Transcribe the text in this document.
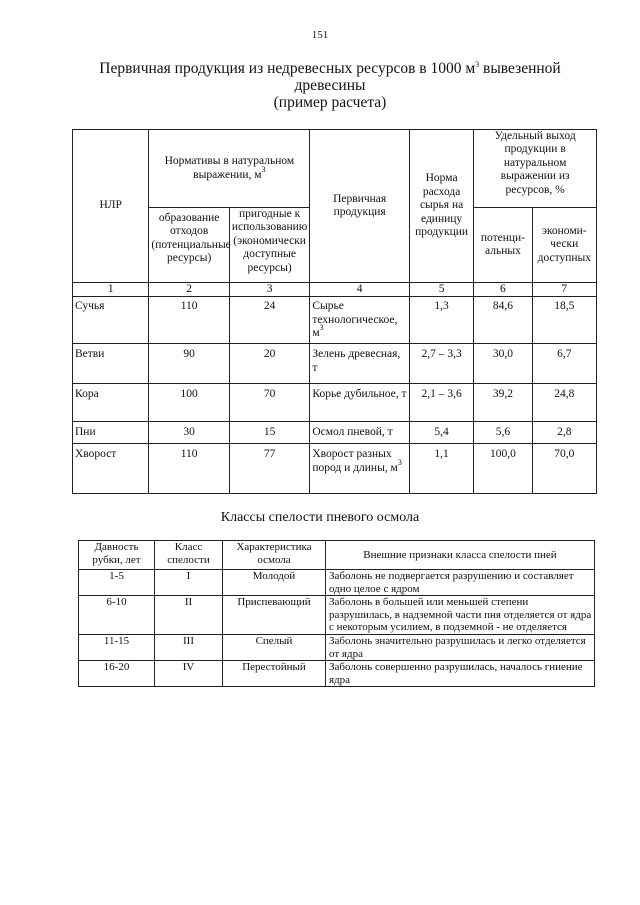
151
Первичная продукция из недревесных ресурсов в 1000 $м^3$ вывезенной
древесины
(пример расчета)
НЛР	Нормативы в натуральном выражении, $м^3$		Первичная продукция	Норма расхода сырья на единицу продукции	Удельный выход продукции в натуральном выражении из ресурсов, %	
	образование отходов (потенциальные ресурсы)	пригодные к использованию (экономически доступные ресурсы)			потенци-альных	экономи-чески доступных
1	2	3	4	5	6	7
Сучья	110	24	Сырье технологическое, $м^3$	1,3	84,6	18,5
Ветви	90	20	Зелень древесная, т	2,7 – 3,3	30,0	6,7
Кора	100	70	Корье дубильное, т	2,1 – 3,6	39,2	24,8
Пни	30	15	Осмол пневой, т	5,4	5,6	2,8
Хворост	110	77	Хворост разных пород и длины, $м^3$	1,1	100,0	70,0
Классы спелости пневого осмола
Давность рубки, лет	Класс спелости	Характеристика осмола	Внешние признаки класса спелости пней
1-5	I	Молодой	Заболонь не подвергается разрушению и составляет одно целое с ядром
6-10	II	Приспевающий	Заболонь в большей или меньшей степени разрушилась, в надземной части пня отделяется от ядра с некоторым усилием, в подземной - не отделяется
11-15	III	Спелый	Заболонь значительно разрушилась и легко отделяется от ядра
16-20	IV	Перестойный	Заболонь совершенно разрушилась, началось гниение ядра
